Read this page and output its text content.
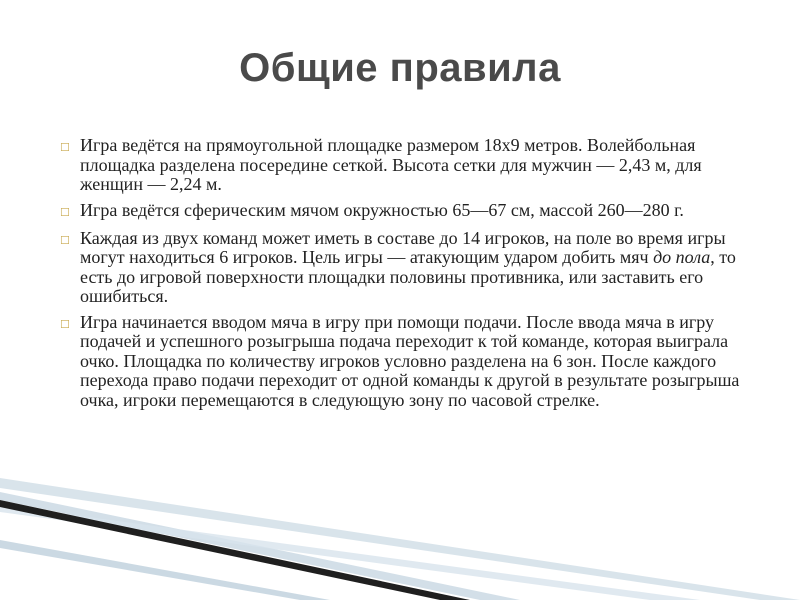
Общие правила
☐ Игра ведётся на прямоугольной площадке размером 18х9 метров. Волейбольная площадка разделена посередине сеткой. Высота сетки для мужчин — 2,43 м, для женщин — 2,24 м.
☐ Игра ведётся сферическим мячом окружностью 65—67 см, массой 260—280 г.
☐ Каждая из двух команд может иметь в составе до 14 игроков, на поле во время игры могут находиться 6 игроков. Цель игры — атакующим ударом добить мяч до пола, то есть до игровой поверхности площадки половины противника, или заставить его ошибиться.
☐ Игра начинается вводом мяча в игру при помощи подачи. После ввода мяча в игру подачей и успешного розыгрыша подача переходит к той команде, которая выиграла очко. Площадка по количеству игроков условно разделена на 6 зон. После каждого перехода право подачи переходит от одной команды к другой в результате розыгрыша очка, игроки перемещаются в следующую зону по часовой стрелке.
